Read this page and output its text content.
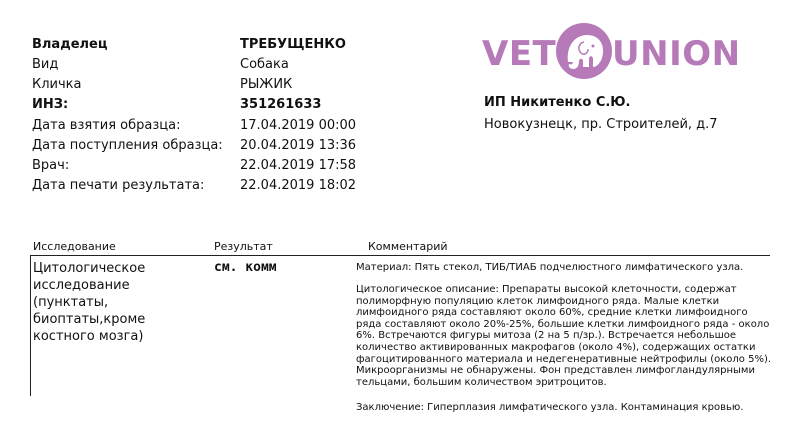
Владелец	ТРЕБУЩЕНКО
Вид	Собака
Кличка	РЫЖИК
ИНЗ:	351261633
Дата взятия образца:	17.04.2019 00:00
Дата поступления образца: 20.04.2019 13:36
Врач:	22.04.2019 17:58
Дата печати результата:	22.04.2019 18:02
VET UNION
ИП Никитенко С.Ю.
Новокузнецк, пр. Строителей, д.7
Исследование	Результат	Комментарий
Цитологическое
исследование
(пунктаты,
биоптаты,кроме
костного мозга)
см. комм	Материал: Пять стекол, ТИБ/ТИАБ подчелюстного лимфатического узла.
Цитологическое описание: Препараты высокой клеточности, содержат
полиморфную популяцию клеток лимфоидного ряда. Малые клетки
лимфоидного ряда составляют около 60%, средние клетки лимфоидного
ряда составляют около 20%-25%, большие клетки лимфоидного ряда - около
6%. Встречаются фигуры митоза (2 на 5 п/зр.). Встречается небольшое
количество активированных макрофагов (около 4%), содержащих остатки
фагоцитированного материала и недегенеративные нейтрофилы (около 5%).
Микроорганизмы не обнаружены. Фон представлен лимфогландулярными
тельцами, большим количеством эритроцитов.
Заключение: Гиперплазия лимфатического узла. Контаминация кровью.
